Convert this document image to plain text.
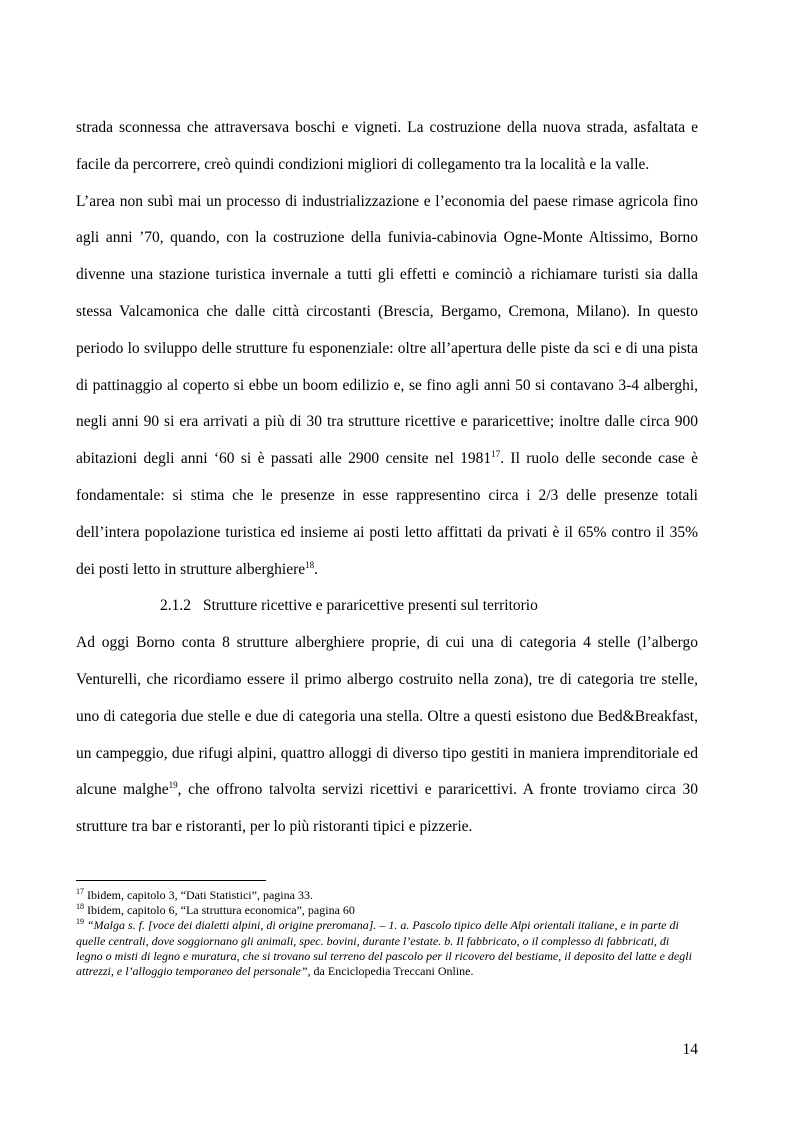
strada sconnessa che attraversava boschi e vigneti. La costruzione della nuova strada, asfaltata e facile da percorrere, creò quindi condizioni migliori di collegamento tra la località e la valle.

L’area non subì mai un processo di industrializzazione e l’economia del paese rimase agricola fino agli anni ’70, quando, con la costruzione della funivia-cabinovia Ogne-Monte Altissimo, Borno divenne una stazione turistica invernale a tutti gli effetti e cominciò a richiamare turisti sia dalla stessa Valcamonica che dalle città circostanti (Brescia, Bergamo, Cremona, Milano). In questo periodo lo sviluppo delle strutture fu esponenziale: oltre all’apertura delle piste da sci e di una pista di pattinaggio al coperto si ebbe un boom edilizio e, se fino agli anni 50 si contavano 3-4 alberghi, negli anni 90 si era arrivati a più di 30 tra strutture ricettive e pararicettive; inoltre dalle circa 900 abitazioni degli anni ‘60 si è passati alle 2900 censite nel 1981$^{17}$. Il ruolo delle seconde case è fondamentale: si stima che le presenze in esse rappresentino circa i 2/3 delle presenze totali dell’intera popolazione turistica ed insieme ai posti letto affittati da privati è il 65% contro il 35% dei posti letto in strutture alberghiere$^{18}$.

2.1.2 Strutture ricettive e pararicettive presenti sul territorio

Ad oggi Borno conta 8 strutture alberghiere proprie, di cui una di categoria 4 stelle (l’albergo Venturelli, che ricordiamo essere il primo albergo costruito nella zona), tre di categoria tre stelle, uno di categoria due stelle e due di categoria una stella. Oltre a questi esistono due Bed&Breakfast, un campeggio, due rifugi alpini, quattro alloggi di diverso tipo gestiti in maniera imprenditoriale ed alcune malghe$^{19}$, che offrono talvolta servizi ricettivi e pararicettivi. A fronte troviamo circa 30 strutture tra bar e ristoranti, per lo più ristoranti tipici e pizzerie.

$^{17}$ Ibidem, capitolo 3, “Dati Statistici”, pagina 33.

$^{18}$ Ibidem, capitolo 6, “La struttura economica”, pagina 60

$^{19}$ “Malga s. f. [voce dei dialetti alpini, di origine preromana]. – 1. a. Pascolo tipico delle Alpi orientali italiane, e in parte di quelle centrali, dove soggiornano gli animali, spec. bovini, durante l’estate. b. Il fabbricato, o il complesso di fabbricati, di legno o misti di legno e muratura, che si trovano sul terreno del pascolo per il ricovero del bestiame, il deposito del latte e degli attrezzi, e l’alloggio temporaneo del personale”, da Enciclopedia Treccani Online.

14
